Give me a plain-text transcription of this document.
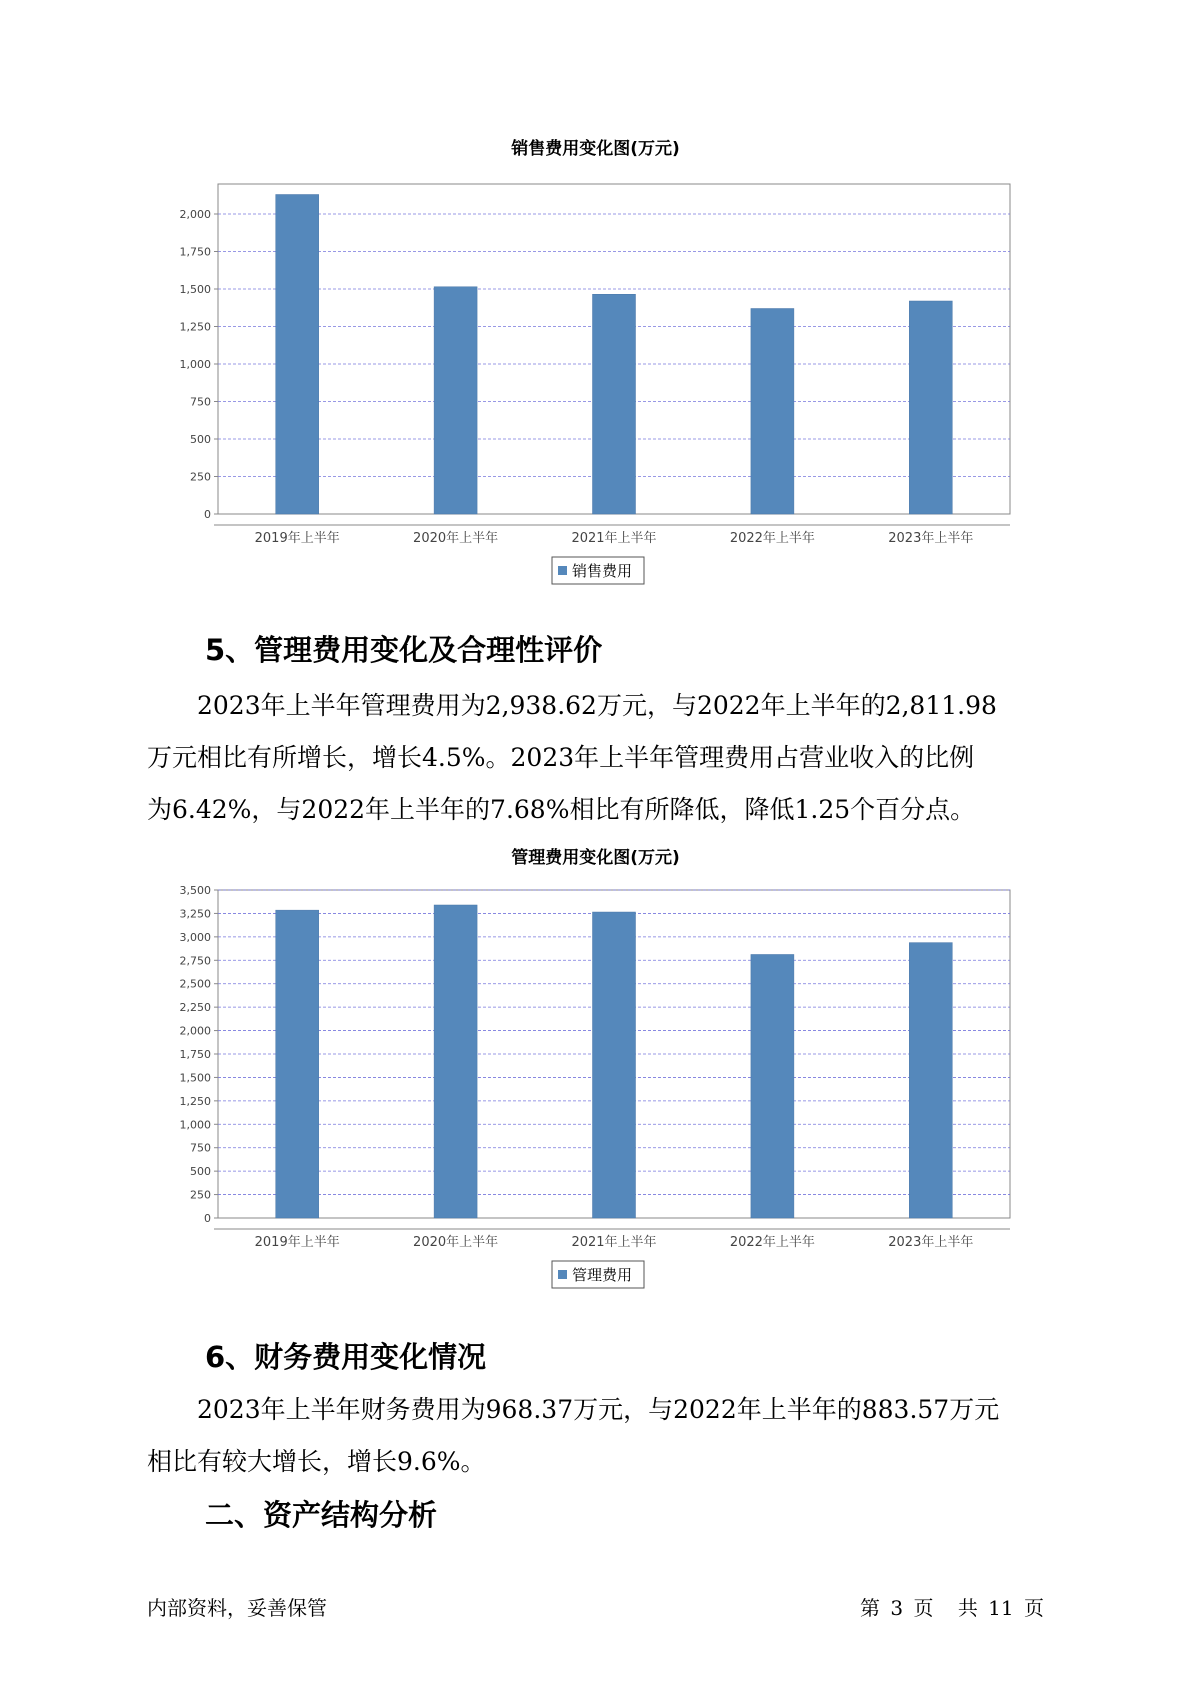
销售费用变化图(万元)
0
250
500
750
1,000
1,250
1,500
1,750
2,000
2019年上半年	2020年上半年	2021年上半年	2022年上半年	2023年上半年
销售费用
5、管理费用变化及合理性评价
2023年上半年管理费用为2,938.62万元，与2022年上半年的2,811.98
万元相比有所增长，增长4.5%。2023年上半年管理费用占营业收入的比例
为6.42%，与2022年上半年的7.68%相比有所降低，降低1.25个百分点。
管理费用变化图(万元)
0
250
500
750
1,000
1,250
1,500
1,750
2,000
2,250
2,500
2,750
3,000
3,250
3,500
2019年上半年	2020年上半年	2021年上半年	2022年上半年	2023年上半年
管理费用
6、财务费用变化情况
2023年上半年财务费用为968.37万元，与2022年上半年的883.57万元
相比有较大增长，增长9.6%。
二、资产结构分析
内部资料，妥善保管	第 3 页 共 11 页
